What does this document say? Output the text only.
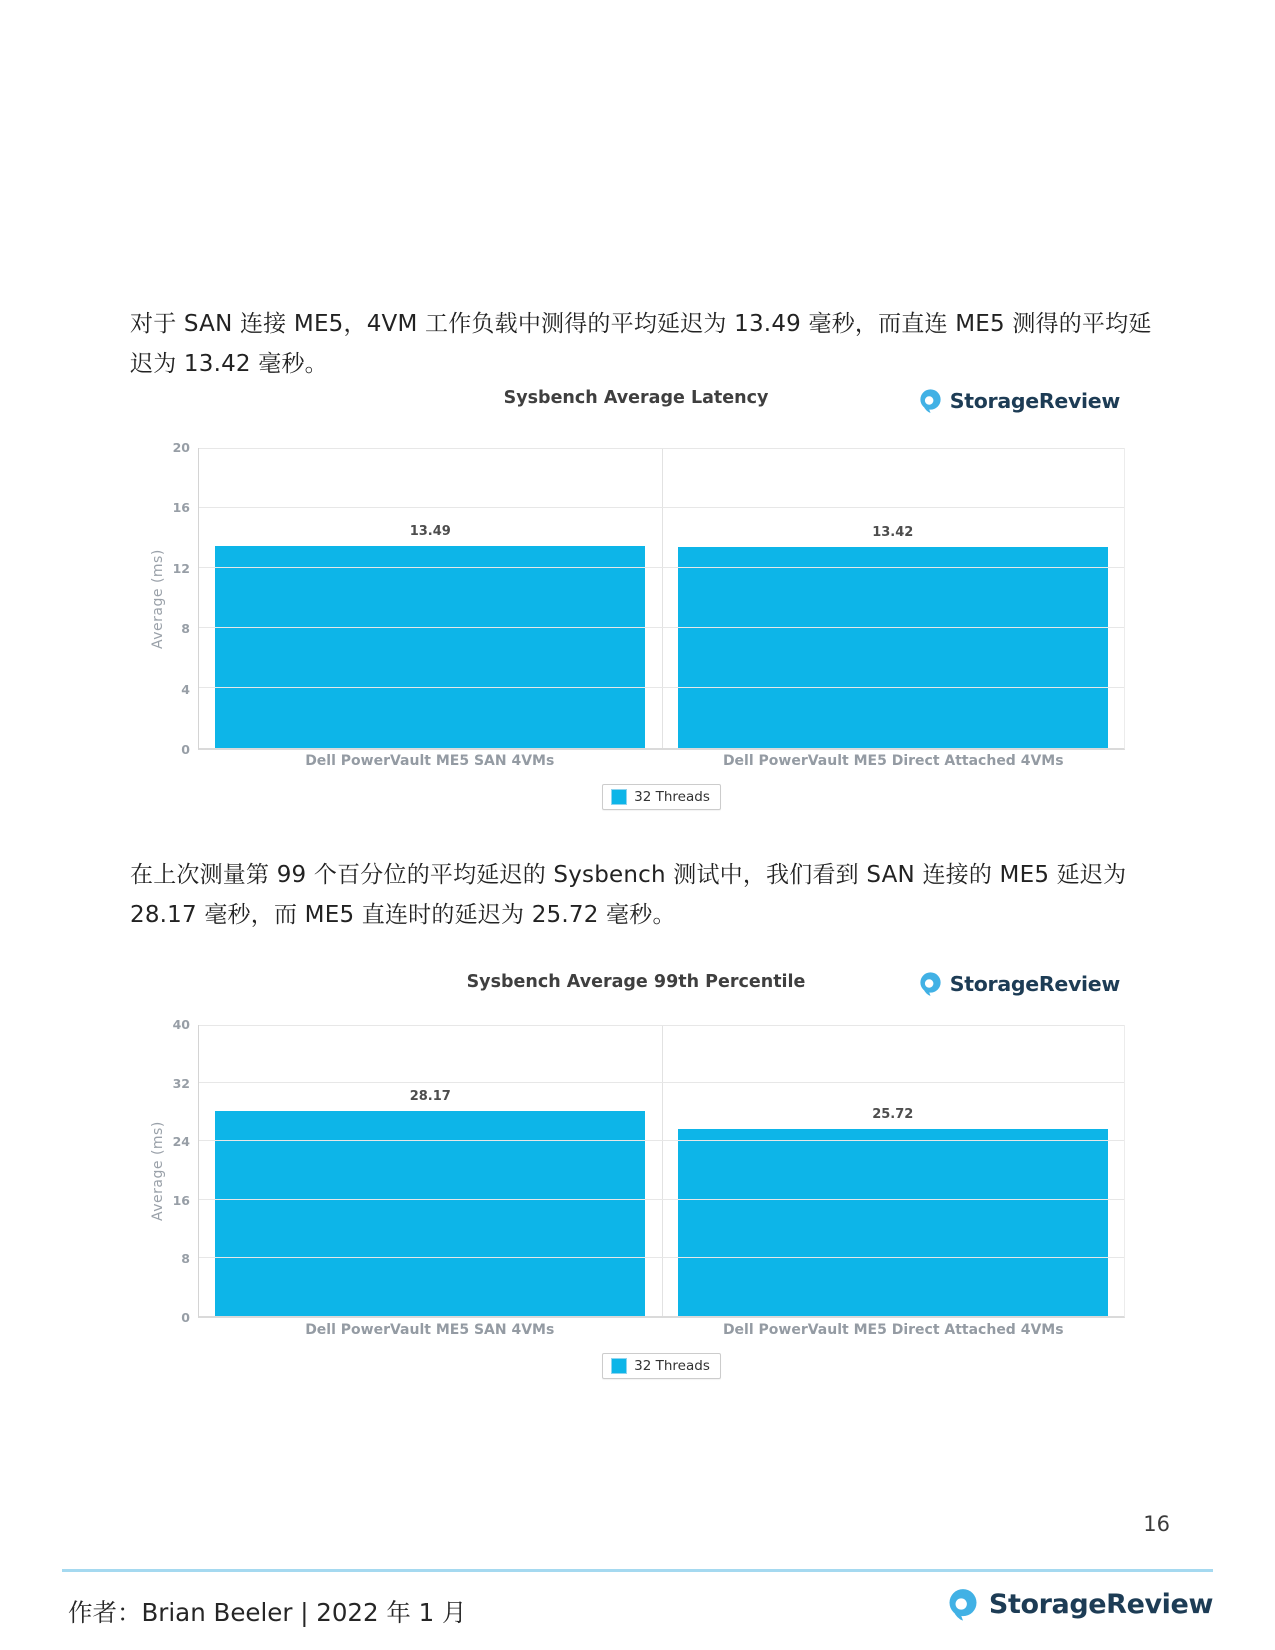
对于 SAN 连接 ME5，4VM 工作负载中测得的平均延迟为 13.49 毫秒，而直连 ME5 测得的平均延迟为 13.42 毫秒。

Sysbench Average Latency	StorageReview
Average (ms)
0
4
8
12
16
20
13.49	13.42
Dell PowerVault ME5 SAN 4VMs	Dell PowerVault ME5 Direct Attached 4VMs
32 Threads

在上次测量第 99 个百分位的平均延迟的 Sysbench 测试中，我们看到 SAN 连接的 ME5 延迟为 28.17 毫秒，而 ME5 直连时的延迟为 25.72 毫秒。

Sysbench Average 99th Percentile	StorageReview
Average (ms)
0
8
16
24
32
40
28.17
25.72
Dell PowerVault ME5 SAN 4VMs	Dell PowerVault ME5 Direct Attached 4VMs
32 Threads
16
作者：Brian Beeler | 2022 年 1 月	StorageReview
